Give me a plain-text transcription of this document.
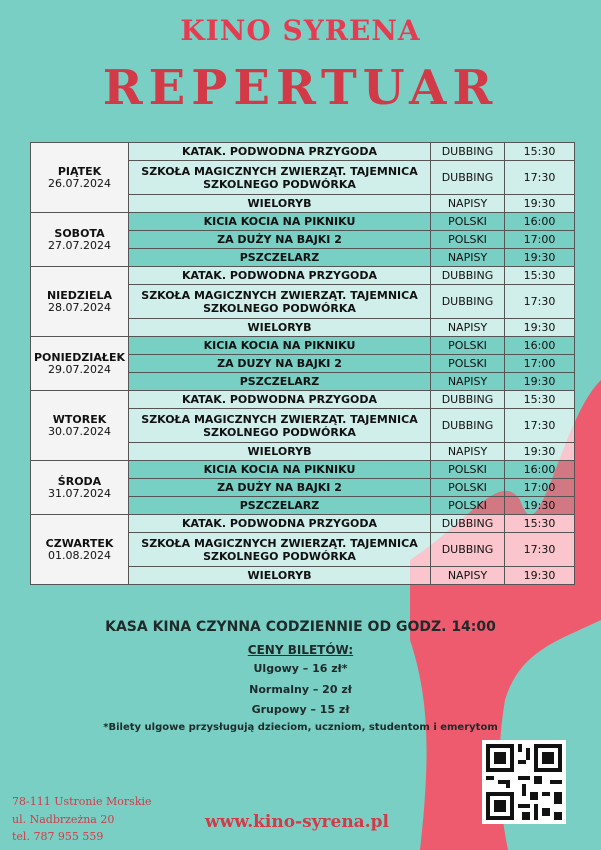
KINO SYRENA
REPERTUAR
PIĄTEK
26.07.2024	KATAK. PODWODNA PRZYGODA	DUBBING	15:30
	SZKOŁA MAGICZNYCH ZWIERZĄT. TAJEMNICA SZKOLNEGO PODWÓRKA	DUBBING	17:30
	WIELORYB	NAPISY	19:30

SOBOTA
27.07.2024	KICIA KOCIA NA PIKNIKU	POLSKI	16:00
	ZA DUŻY NA BAJKI 2	POLSKI	17:00
	PSZCZELARZ	NAPISY	19:30

NIEDZIELA
28.07.2024	KATAK. PODWODNA PRZYGODA	DUBBING	15:30
	SZKOŁA MAGICZNYCH ZWIERZĄT. TAJEMNICA SZKOLNEGO PODWÓRKA	DUBBING	17:30
	WIELORYB	NAPISY	19:30

PONIEDZIAŁEK
29.07.2024	KICIA KOCIA NA PIKNIKU	POLSKI	16:00
	ZA DUZY NA BAJKI 2	POLSKI	17:00
	PSZCZELARZ	NAPISY	19:30

WTOREK
30.07.2024	KATAK. PODWODNA PRZYGODA	DUBBING	15:30
	SZKOŁA MAGICZNYCH ZWIERZĄT. TAJEMNICA SZKOLNEGO PODWÓRKA	DUBBING	17:30
	WIELORYB	NAPISY	19:30

ŚRODA
31.07.2024	KICIA KOCIA NA PIKNIKU	POLSKI	16:00
	ZA DUŻY NA BAJKI 2	POLSKI	17:00
	PSZCZELARZ	POLSKI	19:30

CZWARTEK
01.08.2024	KATAK. PODWODNA PRZYGODA	DUBBING	15:30
	SZKOŁA MAGICZNYCH ZWIERZĄT. TAJEMNICA SZKOLNEGO PODWÓRKA	DUBBING	17:30
	WIELORYB	NAPISY	19:30
KASA KINA CZYNNA CODZIENNIE OD GODZ. 14:00
CENY BILETÓW:
Ulgowy – 16 zł*
Normalny – 20 zł
Grupowy – 15 zł
*Bilety ulgowe przysługują dzieciom, uczniom, studentom i emerytom
78-111 Ustronie Morskie
ul. Nadbrzeżna 20
tel. 787 955 559
www.kino-syrena.pl
